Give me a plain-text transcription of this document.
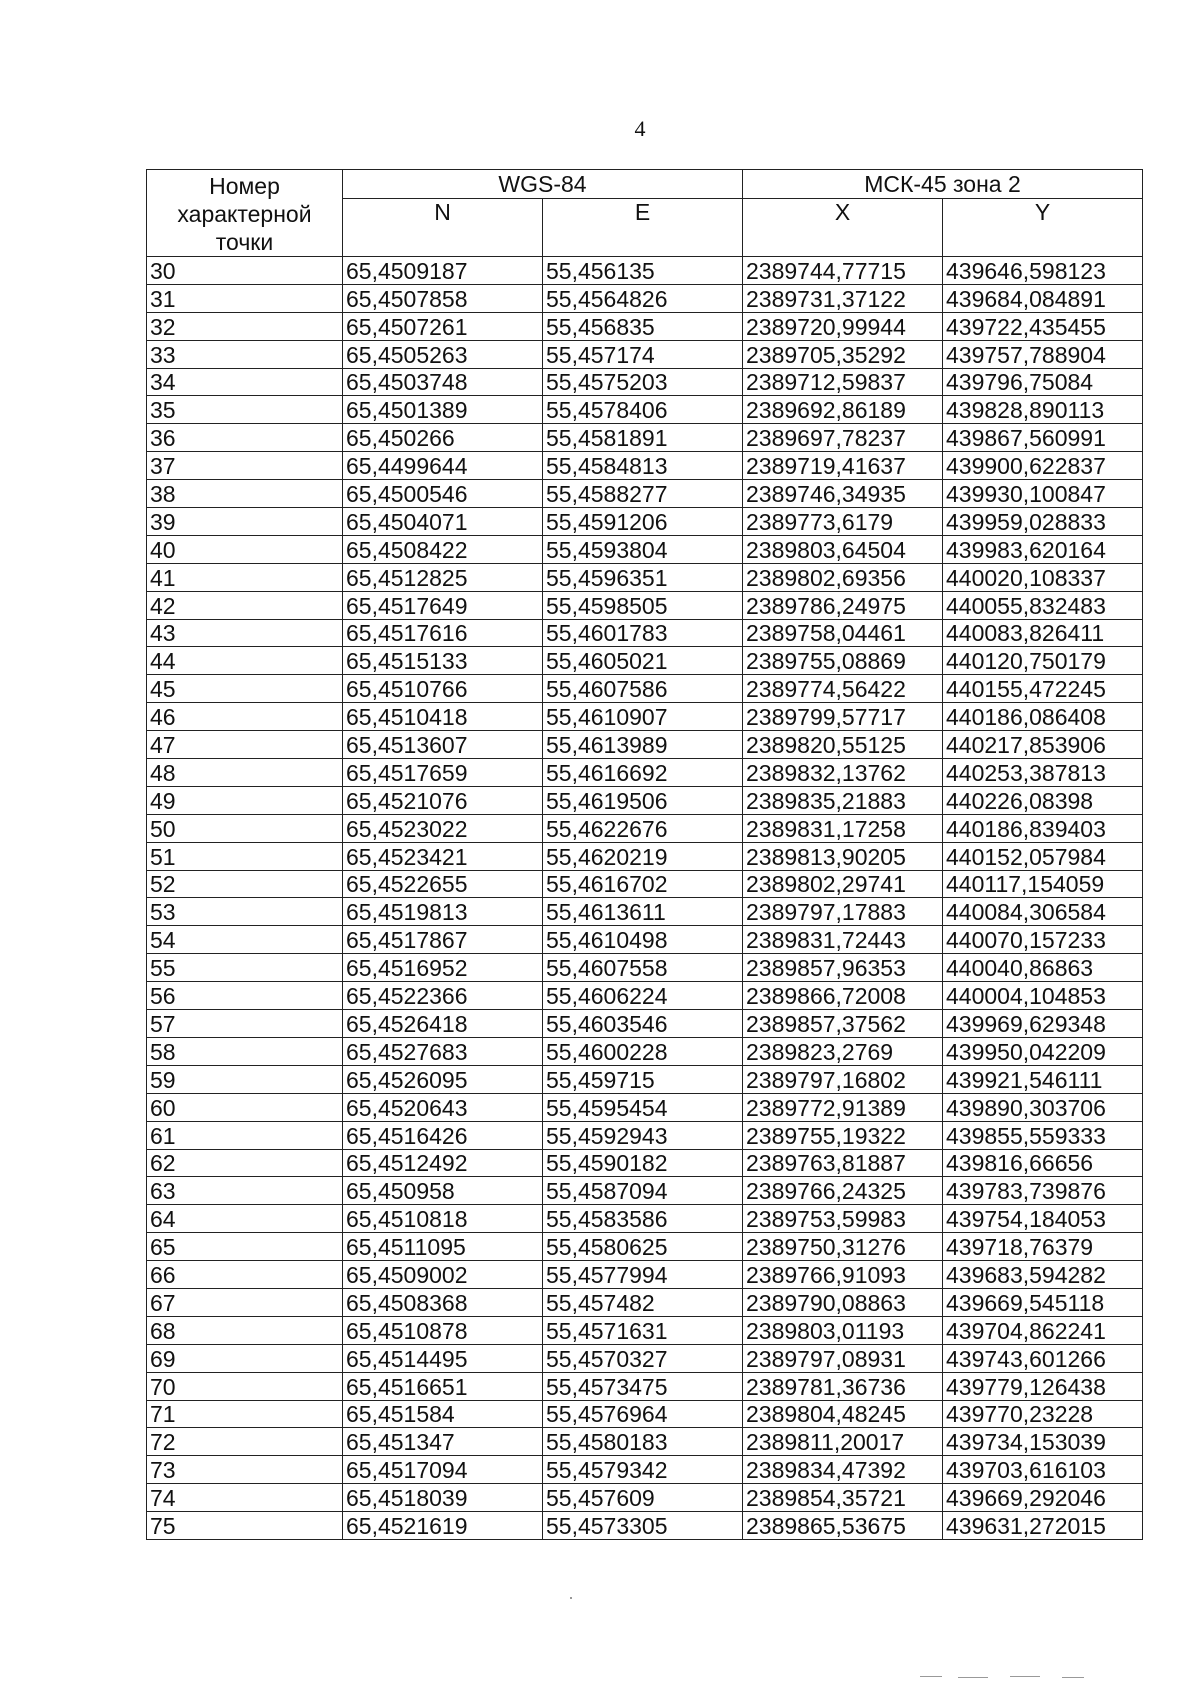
4
Номер характерной точки	WGS-84		МСК-45 зона 2	
	N	E	X	Y
30	65,4509187	55,456135	2389744,77715	439646,598123
31	65,4507858	55,4564826	2389731,37122	439684,084891
32	65,4507261	55,456835	2389720,99944	439722,435455
33	65,4505263	55,457174	2389705,35292	439757,788904
34	65,4503748	55,4575203	2389712,59837	439796,75084
35	65,4501389	55,4578406	2389692,86189	439828,890113
36	65,450266	55,4581891	2389697,78237	439867,560991
37	65,4499644	55,4584813	2389719,41637	439900,622837
38	65,4500546	55,4588277	2389746,34935	439930,100847
39	65,4504071	55,4591206	2389773,6179	439959,028833
40	65,4508422	55,4593804	2389803,64504	439983,620164
41	65,4512825	55,4596351	2389802,69356	440020,108337
42	65,4517649	55,4598505	2389786,24975	440055,832483
43	65,4517616	55,4601783	2389758,04461	440083,826411
44	65,4515133	55,4605021	2389755,08869	440120,750179
45	65,4510766	55,4607586	2389774,56422	440155,472245
46	65,4510418	55,4610907	2389799,57717	440186,086408
47	65,4513607	55,4613989	2389820,55125	440217,853906
48	65,4517659	55,4616692	2389832,13762	440253,387813
49	65,4521076	55,4619506	2389835,21883	440226,08398
50	65,4523022	55,4622676	2389831,17258	440186,839403
51	65,4523421	55,4620219	2389813,90205	440152,057984
52	65,4522655	55,4616702	2389802,29741	440117,154059
53	65,4519813	55,4613611	2389797,17883	440084,306584
54	65,4517867	55,4610498	2389831,72443	440070,157233
55	65,4516952	55,4607558	2389857,96353	440040,86863
56	65,4522366	55,4606224	2389866,72008	440004,104853
57	65,4526418	55,4603546	2389857,37562	439969,629348
58	65,4527683	55,4600228	2389823,2769	439950,042209
59	65,4526095	55,459715	2389797,16802	439921,546111
60	65,4520643	55,4595454	2389772,91389	439890,303706
61	65,4516426	55,4592943	2389755,19322	439855,559333
62	65,4512492	55,4590182	2389763,81887	439816,66656
63	65,450958	55,4587094	2389766,24325	439783,739876
64	65,4510818	55,4583586	2389753,59983	439754,184053
65	65,4511095	55,4580625	2389750,31276	439718,76379
66	65,4509002	55,4577994	2389766,91093	439683,594282
67	65,4508368	55,457482	2389790,08863	439669,545118
68	65,4510878	55,4571631	2389803,01193	439704,862241
69	65,4514495	55,4570327	2389797,08931	439743,601266
70	65,4516651	55,4573475	2389781,36736	439779,126438
71	65,451584	55,4576964	2389804,48245	439770,23228
72	65,451347	55,4580183	2389811,20017	439734,153039
73	65,4517094	55,4579342	2389834,47392	439703,616103
74	65,4518039	55,457609	2389854,35721	439669,292046
75	65,4521619	55,4573305	2389865,53675	439631,272015
